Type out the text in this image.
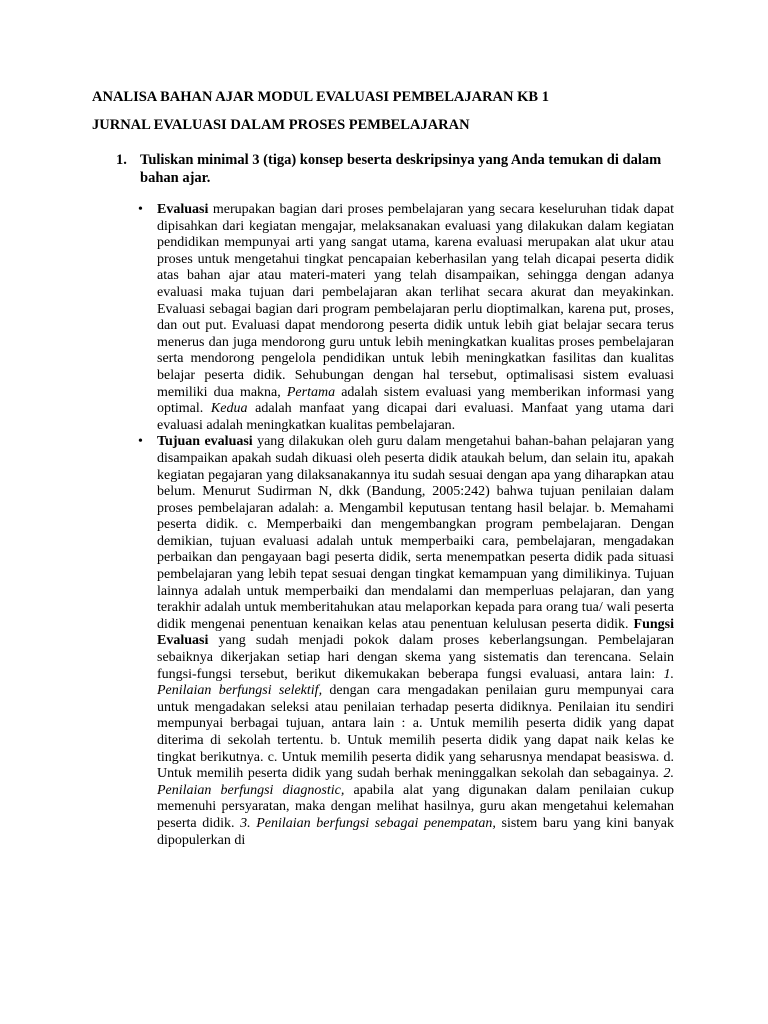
ANALISA BAHAN AJAR MODUL EVALUASI PEMBELAJARAN KB 1
JURNAL EVALUASI DALAM PROSES PEMBELAJARAN
1. Tuliskan minimal 3 (tiga) konsep beserta deskripsinya yang Anda temukan di dalam bahan ajar.
• Evaluasi merupakan bagian dari proses pembelajaran yang secara keseluruhan tidak dapat dipisahkan dari kegiatan mengajar, melaksanakan evaluasi yang dilakukan dalam kegiatan pendidikan mempunyai arti yang sangat utama, karena evaluasi merupakan alat ukur atau proses untuk mengetahui tingkat pencapaian keberhasilan yang telah dicapai peserta didik atas bahan ajar atau materi-materi yang telah disampaikan, sehingga dengan adanya evaluasi maka tujuan dari pembelajaran akan terlihat secara akurat dan meyakinkan. Evaluasi sebagai bagian dari program pembelajaran perlu dioptimalkan, karena put, proses, dan out put. Evaluasi dapat mendorong peserta didik untuk lebih giat belajar secara terus menerus dan juga mendorong guru untuk lebih meningkatkan kualitas proses pembelajaran serta mendorong pengelola pendidikan untuk lebih meningkatkan fasilitas dan kualitas belajar peserta didik. Sehubungan dengan hal tersebut, optimalisasi sistem evaluasi memiliki dua makna, Pertama adalah sistem evaluasi yang memberikan informasi yang optimal. Kedua adalah manfaat yang dicapai dari evaluasi. Manfaat yang utama dari evaluasi adalah meningkatkan kualitas pembelajaran.

• Tujuan evaluasi yang dilakukan oleh guru dalam mengetahui bahan-bahan pelajaran yang disampaikan apakah sudah dikuasi oleh peserta didik ataukah belum, dan selain itu, apakah kegiatan pegajaran yang dilaksanakannya itu sudah sesuai dengan apa yang diharapkan atau belum. Menurut Sudirman N, dkk (Bandung, 2005:242) bahwa tujuan penilaian dalam proses pembelajaran adalah: a. Mengambil keputusan tentang hasil belajar. b. Memahami peserta didik. c. Memperbaiki dan mengembangkan program pembelajaran. Dengan demikian, tujuan evaluasi adalah untuk memperbaiki cara, pembelajaran, mengadakan perbaikan dan pengayaan bagi peserta didik, serta menempatkan peserta didik pada situasi pembelajaran yang lebih tepat sesuai dengan tingkat kemampuan yang dimilikinya. Tujuan lainnya adalah untuk memperbaiki dan mendalami dan memperluas pelajaran, dan yang terakhir adalah untuk memberitahukan atau melaporkan kepada para orang tua/ wali peserta didik mengenai penentuan kenaikan kelas atau penentuan kelulusan peserta didik. Fungsi Evaluasi yang sudah menjadi pokok dalam proses keberlangsungan. Pembelajaran sebaiknya dikerjakan setiap hari dengan skema yang sistematis dan terencana. Selain fungsi-fungsi tersebut, berikut dikemukakan beberapa fungsi evaluasi, antara lain: 1. Penilaian berfungsi selektif, dengan cara mengadakan penilaian guru mempunyai cara untuk mengadakan seleksi atau penilaian terhadap peserta didiknya. Penilaian itu sendiri mempunyai berbagai tujuan, antara lain : a. Untuk memilih peserta didik yang dapat diterima di sekolah tertentu. b. Untuk memilih peserta didik yang dapat naik kelas ke tingkat berikutnya. c. Untuk memilih peserta didik yang seharusnya mendapat beasiswa. d. Untuk memilih peserta didik yang sudah berhak meninggalkan sekolah dan sebagainya. 2. Penilaian berfungsi diagnostic, apabila alat yang digunakan dalam penilaian cukup memenuhi persyaratan, maka dengan melihat hasilnya, guru akan mengetahui kelemahan peserta didik. 3. Penilaian berfungsi sebagai penempatan, sistem baru yang kini banyak dipopulerkan di
